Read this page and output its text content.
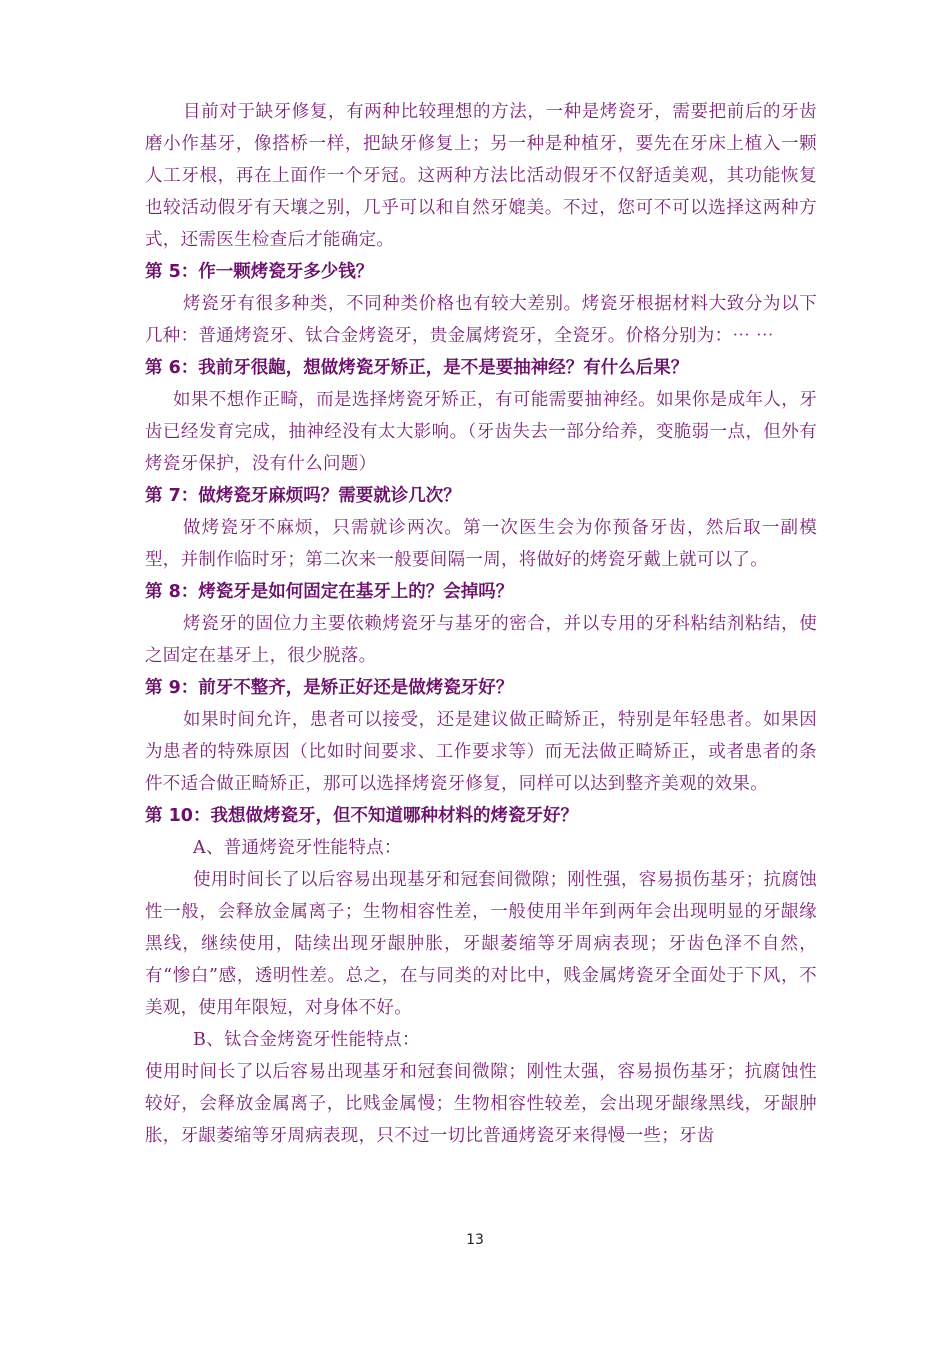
目前对于缺牙修复，有两种比较理想的方法，一种是烤瓷牙，需要把前后的牙齿磨小作基牙，像搭桥一样，把缺牙修复上；另一种是种植牙，要先在牙床上植入一颗人工牙根，再在上面作一个牙冠。这两种方法比活动假牙不仅舒适美观，其功能恢复也较活动假牙有天壤之别，几乎可以和自然牙媲美。不过，您可不可以选择这两种方式，还需医生检查后才能确定。

第 5：作一颗烤瓷牙多少钱？

烤瓷牙有很多种类，不同种类价格也有较大差别。烤瓷牙根据材料大致分为以下几种：普通烤瓷牙、钛合金烤瓷牙，贵金属烤瓷牙，全瓷牙。价格分别为：⋯ ⋯

第 6：我前牙很龅，想做烤瓷牙矫正，是不是要抽神经？有什么后果？

如果不想作正畸，而是选择烤瓷牙矫正，有可能需要抽神经。如果你是成年人，牙齿已经发育完成，抽神经没有太大影响。（牙齿失去一部分给养，变脆弱一点，但外有烤瓷牙保护，没有什么问题）

第 7：做烤瓷牙麻烦吗？需要就诊几次？

做烤瓷牙不麻烦，只需就诊两次。第一次医生会为你预备牙齿，然后取一副模型，并制作临时牙；第二次来一般要间隔一周，将做好的烤瓷牙戴上就可以了。

第 8：烤瓷牙是如何固定在基牙上的？会掉吗？

烤瓷牙的固位力主要依赖烤瓷牙与基牙的密合，并以专用的牙科粘结剂粘结，使之固定在基牙上，很少脱落。

第 9：前牙不整齐，是矫正好还是做烤瓷牙好？

如果时间允许，患者可以接受，还是建议做正畸矫正，特别是年轻患者。如果因为患者的特殊原因（比如时间要求、工作要求等）而无法做正畸矫正，或者患者的条件不适合做正畸矫正，那可以选择烤瓷牙修复，同样可以达到整齐美观的效果。

第 10：我想做烤瓷牙，但不知道哪种材料的烤瓷牙好？

A、普通烤瓷牙性能特点：

使用时间长了以后容易出现基牙和冠套间微隙；刚性强，容易损伤基牙；抗腐蚀性一般，会释放金属离子；生物相容性差，一般使用半年到两年会出现明显的牙龈缘黑线，继续使用，陆续出现牙龈肿胀，牙龈萎缩等牙周病表现；牙齿色泽不自然，有“惨白”感，透明性差。总之，在与同类的对比中，贱金属烤瓷牙全面处于下风，不美观，使用年限短，对身体不好。

B、钛合金烤瓷牙性能特点：

使用时间长了以后容易出现基牙和冠套间微隙；刚性太强，容易损伤基牙；抗腐蚀性较好，会释放金属离子，比贱金属慢；生物相容性较差，会出现牙龈缘黑线，牙龈肿胀，牙龈萎缩等牙周病表现，只不过一切比普通烤瓷牙来得慢一些；牙齿

13
